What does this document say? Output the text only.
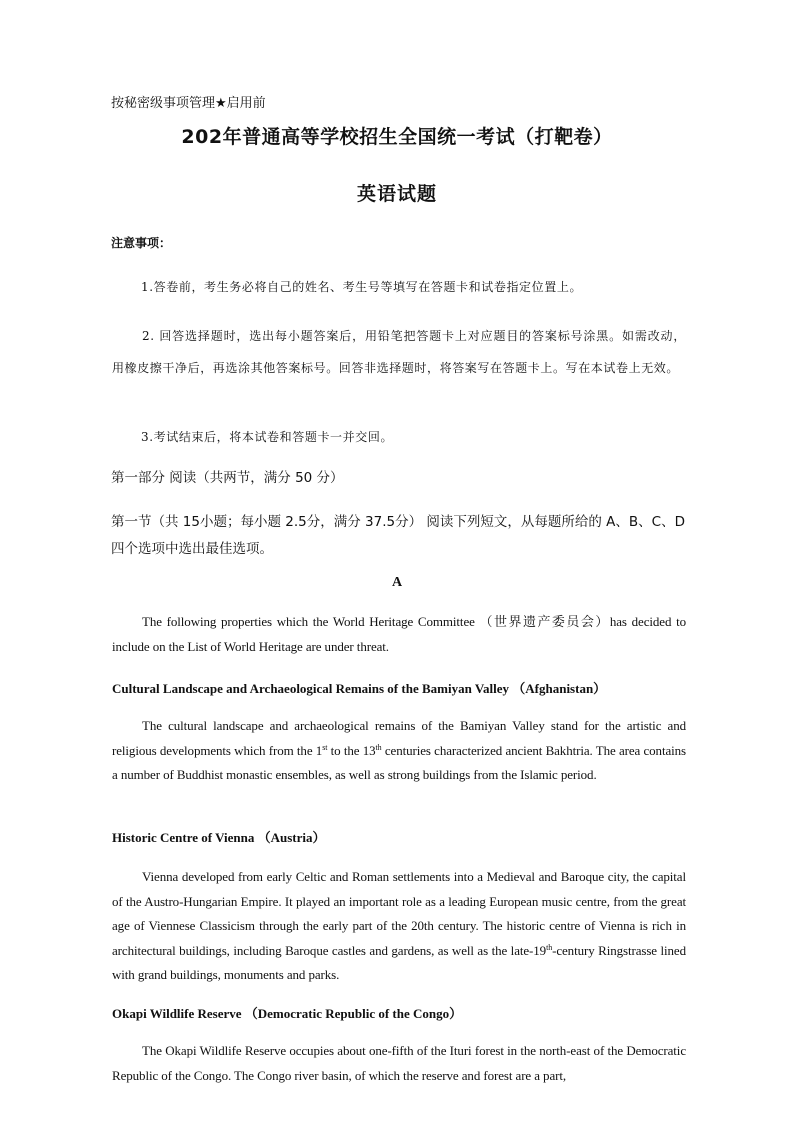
按秘密级事项管理★启用前
202年普通高等学校招生全国统一考试（打靶卷）
英语试题
注意事项：
1.答卷前，考生务必将自己的姓名、考生号等填写在答题卡和试卷指定位置上。
2. 回答选择题时，选出每小题答案后，用铅笔把答题卡上对应题目的答案标号涂黑。如需改动，用橡皮擦干净后，再选涂其他答案标号。回答非选择题时，将答案写在答题卡上。写在本试卷上无效。
3.考试结束后，将本试卷和答题卡一并交回。
第一部分 阅读（共两节，满分 50 分）
第一节（共 15小题；每小题 2.5分，满分 37.5分） 阅读下列短文，从每题所给的 A、B、C、D 四个选项中选出最佳选项。
A
The following properties which the World Heritage Committee （世界遗产委员会）has decided to include on the List of World Heritage are under threat.
Cultural Landscape and Archaeological Remains of the Bamiyan Valley （Afghanistan）
The cultural landscape and archaeological remains of the Bamiyan Valley stand for the artistic and religious developments which from the 1st to the 13th centuries characterized ancient Bakhtria. The area contains a number of Buddhist monastic ensembles, as well as strong buildings from the Islamic period.
Historic Centre of Vienna （Austria）
Vienna developed from early Celtic and Roman settlements into a Medieval and Baroque city, the capital of the Austro-Hungarian Empire. It played an important role as a leading European music centre, from the great age of Viennese Classicism through the early part of the 20th century. The historic centre of Vienna is rich in architectural buildings, including Baroque castles and gardens, as well as the late-19th-century Ringstrasse lined with grand buildings, monuments and parks.
Okapi Wildlife Reserve （Democratic Republic of the Congo）
The Okapi Wildlife Reserve occupies about one-fifth of the Ituri forest in the north-east of the Democratic Republic of the Congo. The Congo river basin, of which the reserve and forest are a part,
